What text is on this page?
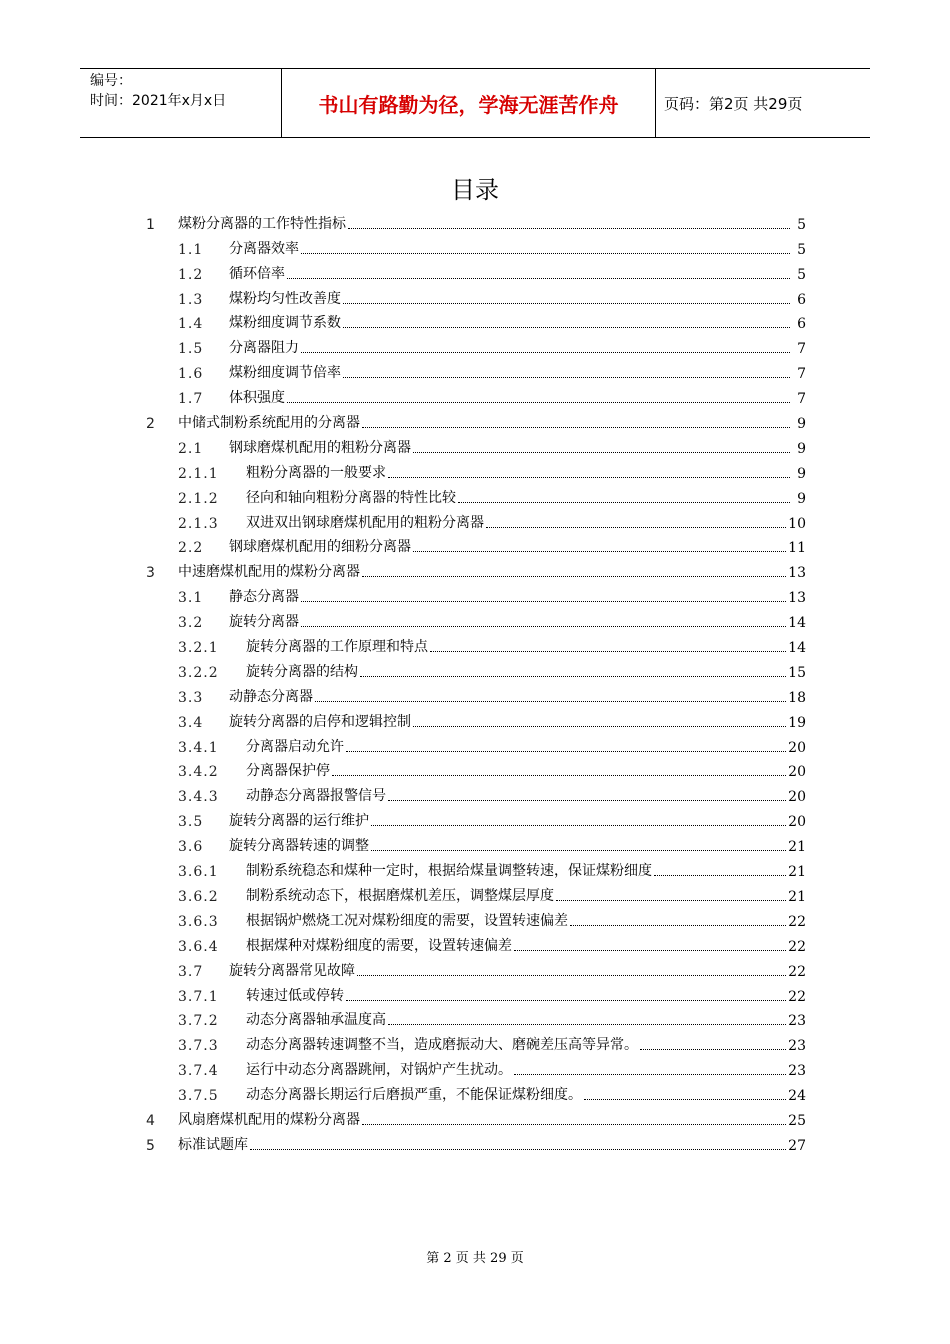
编号：
时间：2021年x月x日	书山有路勤为径，学海无涯苦作舟	页码：第2页 共29页
目录
1	煤粉分离器的工作特性指标	5
1.1	分离器效率	5
1.2	循环倍率	5
1.3	煤粉均匀性改善度	6
1.4	煤粉细度调节系数	6
1.5	分离器阻力	7
1.6	煤粉细度调节倍率	7
1.7	体积强度	7
2	中储式制粉系统配用的分离器	9
2.1	钢球磨煤机配用的粗粉分离器	9
2.1.1	粗粉分离器的一般要求	9
2.1.2	径向和轴向粗粉分离器的特性比较	9
2.1.3	双进双出钢球磨煤机配用的粗粉分离器	10
2.2	钢球磨煤机配用的细粉分离器	11
3	中速磨煤机配用的煤粉分离器	13
3.1	静态分离器	13
3.2	旋转分离器	14
3.2.1	旋转分离器的工作原理和特点	14
3.2.2	旋转分离器的结构	15
3.3	动静态分离器	18
3.4	旋转分离器的启停和逻辑控制	19
3.4.1	分离器启动允许	20
3.4.2	分离器保护停	20
3.4.3	动静态分离器报警信号	20
3.5	旋转分离器的运行维护	20
3.6	旋转分离器转速的调整	21
3.6.1	制粉系统稳态和煤种一定时，根据给煤量调整转速，保证煤粉细度	21
3.6.2	制粉系统动态下，根据磨煤机差压，调整煤层厚度	21
3.6.3	根据锅炉燃烧工况对煤粉细度的需要，设置转速偏差	22
3.6.4	根据煤种对煤粉细度的需要，设置转速偏差	22
3.7	旋转分离器常见故障	22
3.7.1	转速过低或停转	22
3.7.2	动态分离器轴承温度高	23
3.7.3	动态分离器转速调整不当，造成磨振动大、磨碗差压高等异常。	23
3.7.4	运行中动态分离器跳闸，对锅炉产生扰动。	23
3.7.5	动态分离器长期运行后磨损严重，不能保证煤粉细度。	24
4	风扇磨煤机配用的煤粉分离器	25
5	标准试题库	27
第 2 页 共 29 页
